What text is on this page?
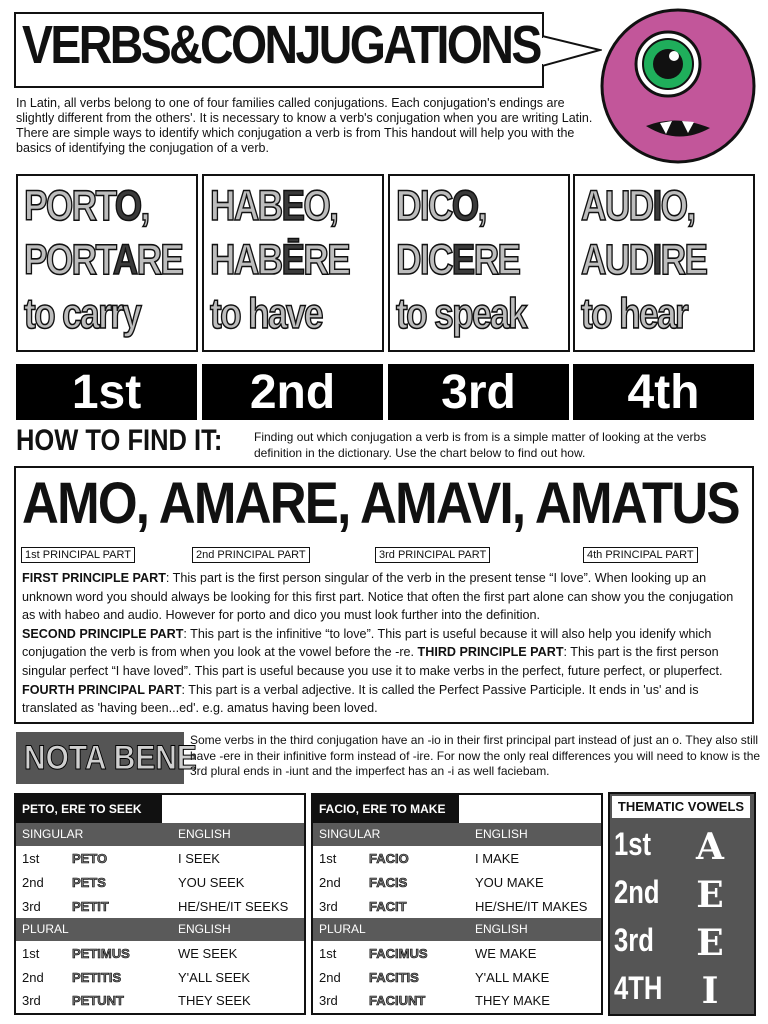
VERBS&CONJUGATIONS
In Latin, all verbs belong to one of four families called conjugations. Each conjugation's endings are slightly different from the others'. It is necessary to know a verb's conjugation when you are writing Latin. There are simple ways to identify which conjugation a verb is from This handout will help you with the basics of identifying the conjugation of a verb.
PORTO,
PORTARE
to carry
HABEO,
HABĒRE
to have
DICO,
DICERE
to speak
AUDIO,
AUDIRE
to hear
1st	2nd	3rd	4th
HOW TO FIND IT:	Finding out which conjugation a verb is from is a simple matter of looking at the verbs definition in the dictionary. Use the chart below to find out how.
AMO, AMARE, AMAVI, AMATUS
1st PRINCIPAL PART	2nd PRINCIPAL PART	3rd PRINCIPAL PART	4th PRINCIPAL PART
FIRST PRINCIPLE PART: This part is the first person singular of the verb in the present tense “I love”. When looking up an unknown word you should always be looking for this first part. Notice that often the first part alone can show you the conjugation as with habeo and audio. However for porto and dico you must look further into the definition.
SECOND PRINCIPLE PART: This part is the infinitive “to love”. This part is useful because it will also help you idenify which conjugation the verb is from when you look at the vowel before the -re. THIRD PRINCIPLE PART: This part is the first person singular perfect “I have loved”. This part is useful because you use it to make verbs in the perfect, future perfect, or pluperfect. FOURTH PRINCIPAL PART: This part is a verbal adjective. It is called the Perfect Passive Participle. It ends in 'us' and is translated as 'having been...ed'. e.g. amatus having been loved.
NOTA BENE
Some verbs in the third conjugation have an -io in their first principal part instead of just an o. They also still have -ere in their infinitive form instead of -ire. For now the only real differences you will need to know is the 3rd plural ends in -iunt and the imperfect has an -i as well faciebam.
PETO, ERE TO SEEK
SINGULAR	ENGLISH
1st	PETO	I SEEK
2nd PETS	YOU SEEK
3rd PETIT	HE/SHE/IT SEEKS
PLURAL	ENGLISH
1st	PETIMUS	WE SEEK
2nd PETITIS	Y'ALL SEEK
3rd PETUNT	THEY SEEK
FACIO, ERE TO MAKE
SINGULAR	ENGLISH
1st	FACIO	I MAKE
2nd FACIS	YOU MAKE
3rd FACIT	HE/SHE/IT MAKES
PLURAL	ENGLISH
1st	FACIMUS	WE MAKE
2nd FACITIS	Y'ALL MAKE
3rd FACIUNT	THEY MAKE
THEMATIC VOWELS
1st	A
2nd	E
3rd	E
4TH	I
